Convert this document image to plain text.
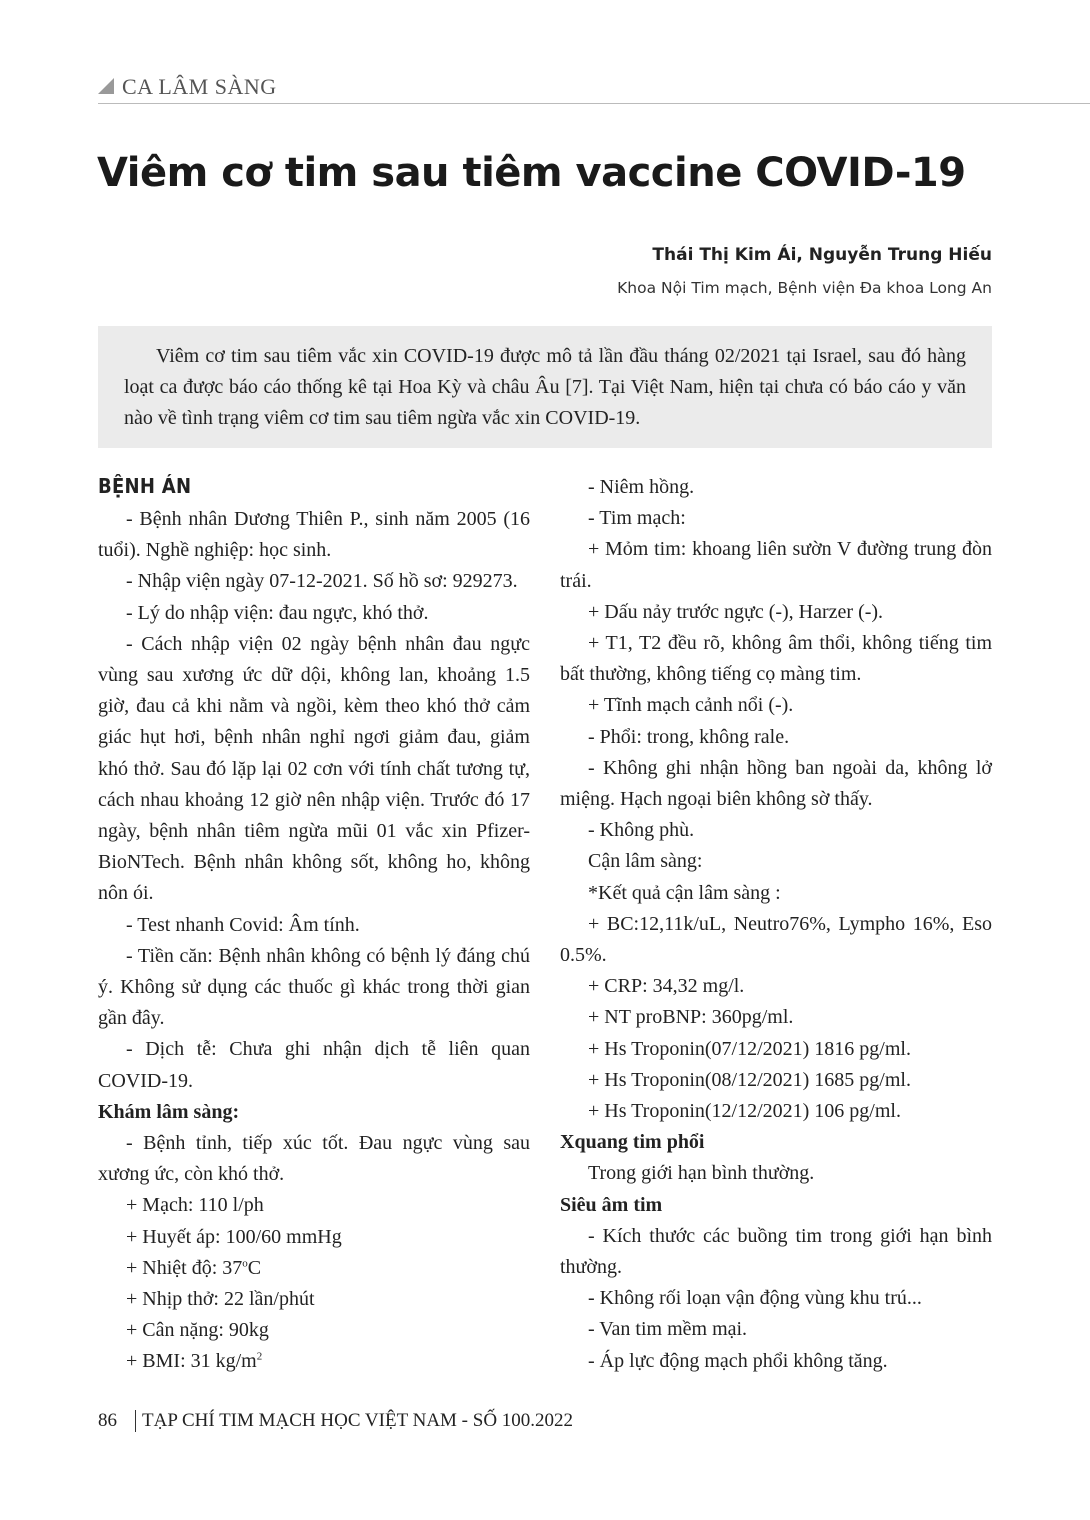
CA LÂM SÀNG
Viêm cơ tim sau tiêm vaccine COVID-19
Thái Thị Kim Ái, Nguyễn Trung Hiếu
Khoa Nội Tim mạch, Bệnh viện Đa khoa Long An

Viêm cơ tim sau tiêm vắc xin COVID-19 được mô tả lần đầu tháng 02/2021 tại Israel, sau đó hàng loạt ca được báo cáo thống kê tại Hoa Kỳ và châu Âu [7]. Tại Việt Nam, hiện tại chưa có báo cáo y văn nào về tình trạng viêm cơ tim sau tiêm ngừa vắc xin COVID-19.

BỆNH ÁN

- Bệnh nhân Dương Thiên P., sinh năm 2005 (16 tuổi). Nghề nghiệp: học sinh.

- Nhập viện ngày 07-12-2021. Số hồ sơ: 929273.

- Lý do nhập viện: đau ngực, khó thở.

- Cách nhập viện 02 ngày bệnh nhân đau ngực vùng sau xương ức dữ dội, không lan, khoảng 1.5 giờ, đau cả khi nằm và ngồi, kèm theo khó thở cảm giác hụt hơi, bệnh nhân nghỉ ngơi giảm đau, giảm khó thở. Sau đó lặp lại 02 cơn với tính chất tương tự, cách nhau khoảng 12 giờ nên nhập viện. Trước đó 17 ngày, bệnh nhân tiêm ngừa mũi 01 vắc xin Pfizer-BioNTech. Bệnh nhân không sốt, không ho, không nôn ói.

- Test nhanh Covid: Âm tính.

- Tiền căn: Bệnh nhân không có bệnh lý đáng chú ý. Không sử dụng các thuốc gì khác trong thời gian gần đây.

- Dịch tễ: Chưa ghi nhận dịch tễ liên quan COVID-19.

Khám lâm sàng:

- Bệnh tỉnh, tiếp xúc tốt. Đau ngực vùng sau xương ức, còn khó thở.

+ Mạch: 110 l/ph

+ Huyết áp: 100/60 mmHg

+ Nhiệt độ: 37$^o$C

+ Nhịp thở: 22 lần/phút

+ Cân nặng: 90kg

+ BMI: 31 $kg/m^2$

- Niêm hồng.

- Tim mạch:

+ Mỏm tim: khoang liên sườn V đường trung đòn trái.

+ Dấu nảy trước ngực (-), Harzer (-).

+ T1, T2 đều rõ, không âm thổi, không tiếng tim bất thường, không tiếng cọ màng tim.

+ Tĩnh mạch cảnh nổi (-).

- Phổi: trong, không rale.

- Không ghi nhận hồng ban ngoài da, không lở miệng. Hạch ngoại biên không sờ thấy.

- Không phù.

Cận lâm sàng:

*Kết quả cận lâm sàng :

+ BC:12,11k/uL, Neutro76%, Lympho 16%, Eso 0.5%.

+ CRP: 34,32 mg/l.

+ NT proBNP: 360pg/ml.

+ Hs Troponin(07/12/2021) 1816 pg/ml.

+ Hs Troponin(08/12/2021) 1685 pg/ml.

+ Hs Troponin(12/12/2021) 106 pg/ml.

Xquang tim phổi

Trong giới hạn bình thường.

Siêu âm tim

- Kích thước các buồng tim trong giới hạn bình thường.

- Không rối loạn vận động vùng khu trú...

- Van tim mềm mại.

- Áp lực động mạch phổi không tăng.

86 TẠP CHÍ TIM MẠCH HỌC VIỆT NAM - SỐ 100.2022
